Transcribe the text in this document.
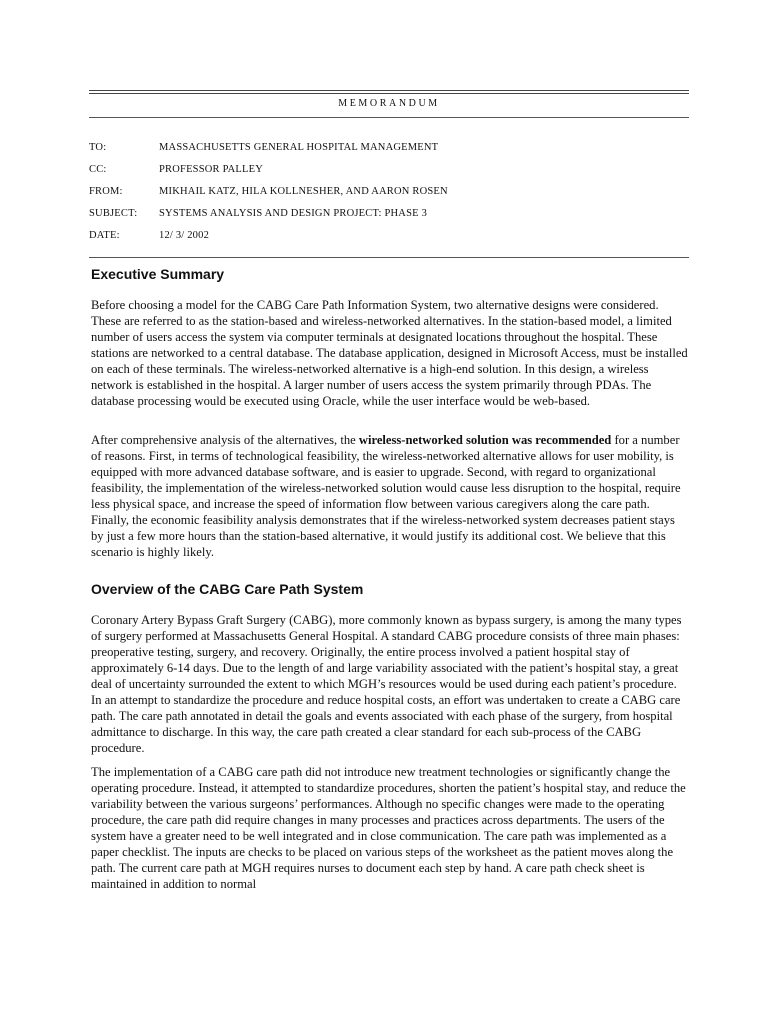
MEMORANDUM
TO:	MASSACHUSETTS GENERAL HOSPITAL MANAGEMENT
CC:	PROFESSOR PALLEY
FROM:	MIKHAIL KATZ, HILA KOLLNESHER, AND AARON ROSEN
SUBJECT: SYSTEMS ANALYSIS AND DESIGN PROJECT: PHASE 3
DATE:	12/ 3/ 2002
Executive Summary

Before choosing a model for the CABG Care Path Information System, two alternative designs were considered. These are referred to as the station-based and wireless-networked alternatives. In the station-based model, a limited number of users access the system via computer terminals at designated locations throughout the hospital. These stations are networked to a central database. The database application, designed in Microsoft Access, must be installed on each of these terminals. The wireless-networked alternative is a high-end solution. In this design, a wireless network is established in the hospital. A larger number of users access the system primarily through PDAs. The database processing would be executed using Oracle, while the user interface would be web-based.

After comprehensive analysis of the alternatives, the wireless-networked solution was recommended for a number of reasons. First, in terms of technological feasibility, the wireless-networked alternative allows for user mobility, is equipped with more advanced database software, and is easier to upgrade. Second, with regard to organizational feasibility, the implementation of the wireless-networked solution would cause less disruption to the hospital, require less physical space, and increase the speed of information flow between various caregivers along the care path. Finally, the economic feasibility analysis demonstrates that if the wireless-networked system decreases patient stays by just a few more hours than the station-based alternative, it would justify its additional cost. We believe that this scenario is highly likely.

Overview of the CABG Care Path System

Coronary Artery Bypass Graft Surgery (CABG), more commonly known as bypass surgery, is among the many types of surgery performed at Massachusetts General Hospital. A standard CABG procedure consists of three main phases: preoperative testing, surgery, and recovery. Originally, the entire process involved a patient hospital stay of approximately 6-14 days. Due to the length of and large variability associated with the patient’s hospital stay, a great deal of uncertainty surrounded the extent to which MGH’s resources would be used during each patient’s procedure. In an attempt to standardize the procedure and reduce hospital costs, an effort was undertaken to create a CABG care path. The care path annotated in detail the goals and events associated with each phase of the surgery, from hospital admittance to discharge. In this way, the care path created a clear standard for each sub-process of the CABG procedure.

The implementation of a CABG care path did not introduce new treatment technologies or significantly change the operating procedure. Instead, it attempted to standardize procedures, shorten the patient’s hospital stay, and reduce the variability between the various surgeons’ performances. Although no specific changes were made to the operating procedure, the care path did require changes in many processes and practices across departments. The users of the system have a greater need to be well integrated and in close communication. The care path was implemented as a paper checklist. The inputs are checks to be placed on various steps of the worksheet as the patient moves along the path. The current care path at MGH requires nurses to document each step by hand. A care path check sheet is maintained in addition to normal
